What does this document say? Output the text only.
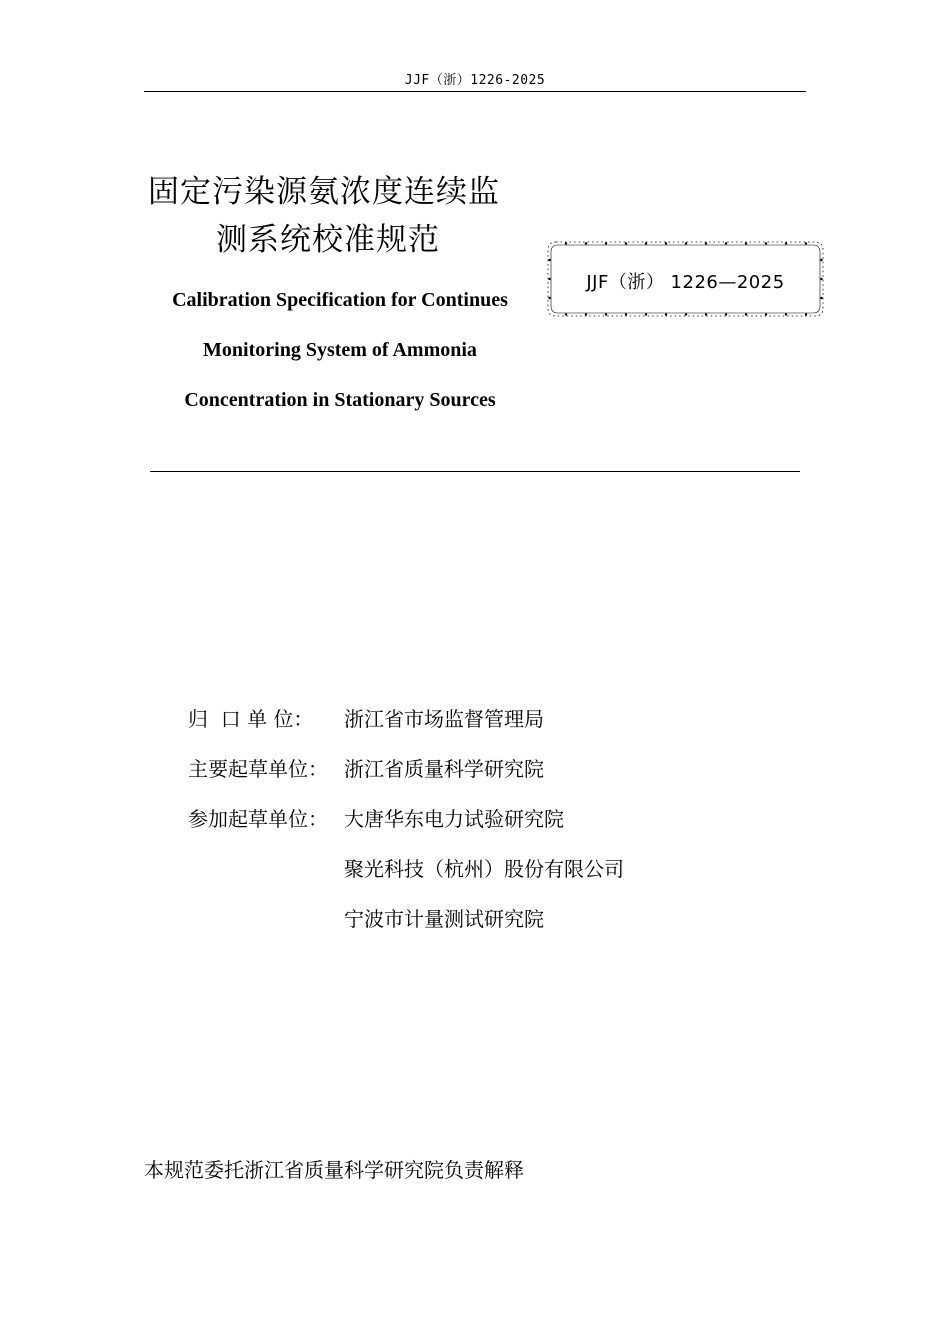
JJF（浙）1226-2025
固定污染源氨浓度连续监
测系统校准规范
Calibration Specification for Continues
Monitoring System of Ammonia
Concentration in Stationary Sources
JJF（浙） 1226—2025
归  口 单 位：	浙江省市场监督管理局
主要起草单位： 浙江省质量科学研究院
参加起草单位： 大唐华东电力试验研究院
聚光科技（杭州）股份有限公司
宁波市计量测试研究院
本规范委托浙江省质量科学研究院负责解释
